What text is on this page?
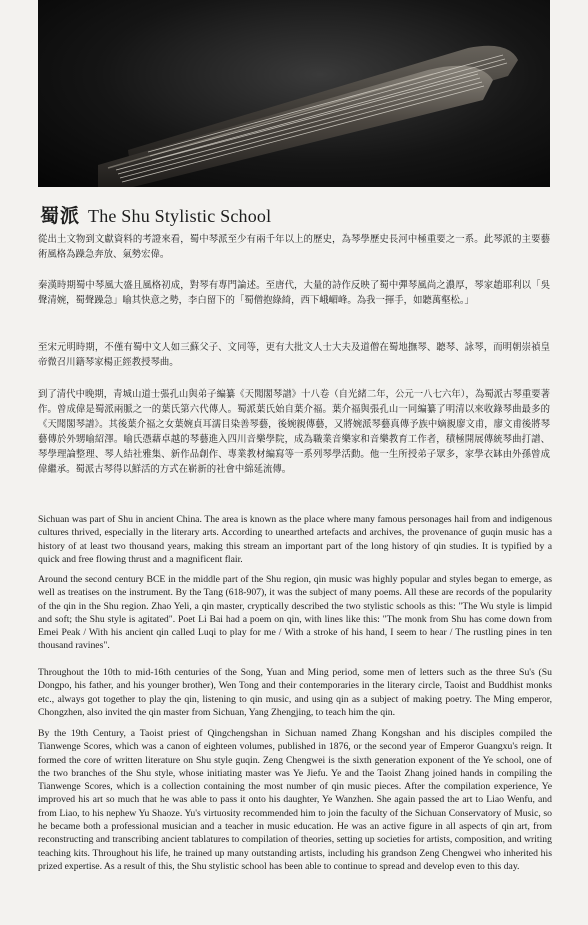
蜀派 The Shu Stylistic School

從出土文物到文獻資料的考證來看，蜀中琴派至少有兩千年以上的歷史，為琴學歷史長河中極重要之一系。此琴派的主要藝術風格為躁急奔放、氣勢宏偉。

秦漢時期蜀中琴風大盛且風格初成，對琴有專門論述。至唐代，大量的詩作反映了蜀中彈琴風尚之濃厚，琴家趙耶利以「吳聲清婉，蜀聲躁急」喻其快意之勢，李白留下的「蜀僧抱綠綺，西下峨嵋峰。為我一揮手，如聽萬壑松。」

至宋元明時期，不僅有蜀中文人如三蘇父子、文同等，更有大批文人士大夫及道僧在蜀地撫琴、聽琴、詠琴，而明朝崇禎皇帝微召川籍琴家楊正經教授琴曲。

到了清代中晚期，青城山道士張孔山與弟子編纂《天聞閣琴譜》十八卷（自光緒二年，公元一八七六年），為蜀派古琴重要著作。曾成偉是蜀派兩脈之一的葉氏第六代傳人。蜀派葉氏始自葉介福。葉介福與張孔山一同編纂了明清以來收錄琴曲最多的《天聞閣琴譜》。其後葉介福之女葉婉貞耳濡目染善琴藝，後婉親傳藝，又將婉派琴藝真傳予族中嫡親廖文甫，廖文甫後將琴藝傳於外甥喻紹澤。喻氏憑藉卓越的琴藝進入四川音樂學院，成為職業音樂家和音樂教育工作者，積極開展傳統琴曲打譜、琴學理論整理、琴人結社雅集、新作品創作、專業教材編寫等一系列琴學活動。他一生所授弟子眾多，家學衣缽由外孫曾成偉繼承。蜀派古琴得以鮮活的方式在嶄新的社會中綿延流傳。

Sichuan was part of Shu in ancient China. The area is known as the place where many famous personages hail from and indigenous cultures thrived, especially in the literary arts. According to unearthed artefacts and archives, the provenance of guqin music has a history of at least two thousand years, making this stream an important part of the long history of qin studies. It is typified by a quick and free flowing thrust and a magnificent flair.

Around the second century BCE in the middle part of the Shu region, qin music was highly popular and styles began to emerge, as well as treatises on the instrument. By the Tang (618-907), it was the subject of many poems. All these are records of the popularity of the qin in the Shu region. Zhao Yeli, a qin master, cryptically described the two stylistic schools as this: "The Wu style is limpid and soft; the Shu style is agitated". Poet Li Bai had a poem on qin, with lines like this: "The monk from Shu has come down from Emei Peak / With his ancient qin called Luqi to play for me / With a stroke of his hand, I seem to hear / The rustling pines in ten thousand ravines".

Throughout the 10th to mid-16th centuries of the Song, Yuan and Ming period, some men of letters such as the three Su's (Su Dongpo, his father, and his younger brother), Wen Tong and their contemporaries in the literary circle, Taoist and Buddhist monks etc., always got together to play the qin, listening to qin music, and using qin as a subject of making poetry. The Ming emperor, Chongzhen, also invited the qin master from Sichuan, Yang Zhengjing, to teach him the qin.

By the 19th Century, a Taoist priest of Qingchengshan in Sichuan named Zhang Kongshan and his disciples compiled the Tianwenge Scores, which was a canon of eighteen volumes, published in 1876, or the second year of Emperor Guangxu's reign. It formed the core of written literature on Shu style guqin. Zeng Chengwei is the sixth generation exponent of the Ye school, one of the two branches of the Shu style, whose initiating master was Ye Jiefu. Ye and the Taoist Zhang joined hands in compiling the Tianwenge Scores, which is a collection containing the most number of qin music pieces. After the compilation experience, Ye improved his art so much that he was able to pass it onto his daughter, Ye Wanzhen. She again passed the art to Liao Wenfu, and from Liao, to his nephew Yu Shaoze. Yu's virtuosity recommended him to join the faculty of the Sichuan Conservatory of Music, so he became both a professional musician and a teacher in music education. He was an active figure in all aspects of qin art, from reconstructing and transcribing ancient tablatures to compilation of theories, setting up societies for artists, composition, and writing teaching kits. Throughout his life, he trained up many outstanding artists, including his grandson Zeng Chengwei who inherited his prized expertise. As a result of this, the Shu stylistic school has been able to continue to spread and develop even to this day.
